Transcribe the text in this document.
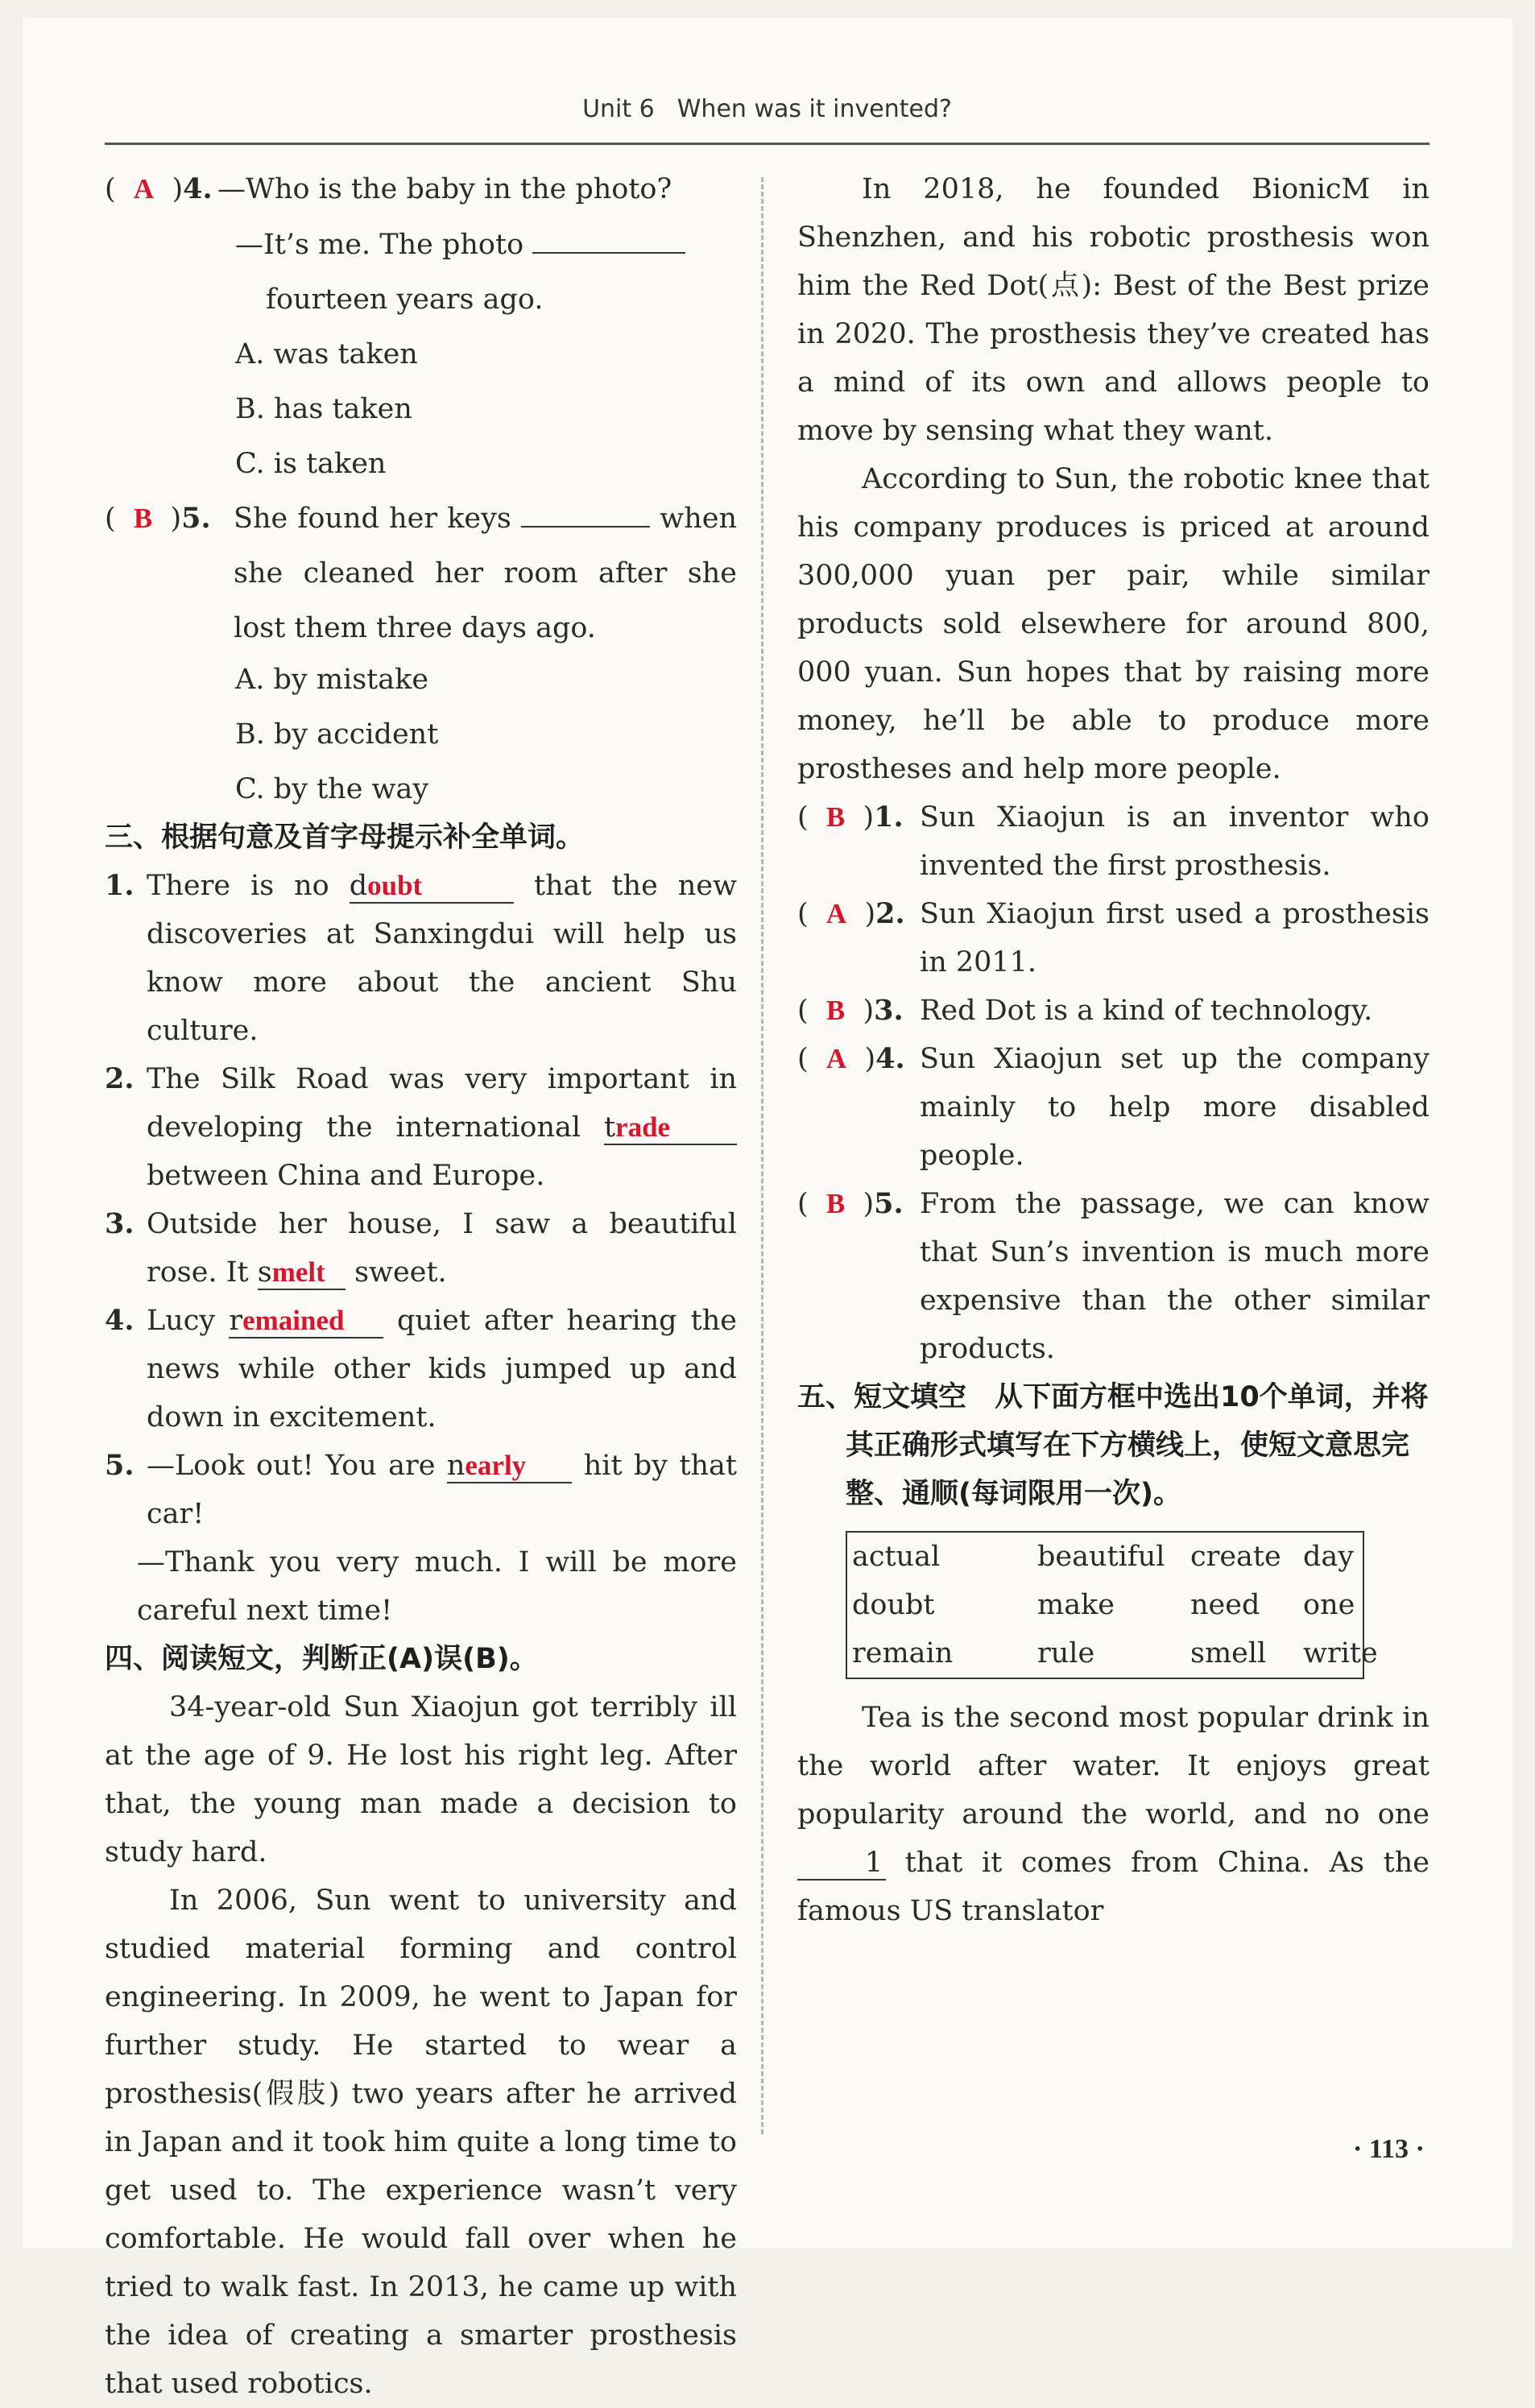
Unit 6 When was it invented?
(  A  )4. —Who is the baby in the photo?

—It’s me. The photo

fourteen years ago.

A. was taken

B. has taken

C. is taken

(  B  )5. She found her keys	when she cleaned her room after she lost them three days ago.

A. by mistake

B. by accident

C. by the way

三、根据句意及首字母提示补全单词。

1. There is no doubt	that the new discoveries at Sanxingdui will help us know more about the ancient Shu culture.
2. The Silk Road was very important in developing the international trade    between China and Europe.
3. Outside her house, I saw a beautiful rose. It smelt sweet.
4. Lucy remained quiet after hearing the news while other kids jumped up and down in excitement.
5. —Look out! You are nearly hit by that car!

—Thank you very much. I will be more careful next time!

四、阅读短文，判断正(A)误(B)。

34-year-old Sun Xiaojun got terribly ill at the age of 9. He lost his right leg. After that, the young man made a decision to study hard.

In 2006, Sun went to university and studied material forming and control engineering. In 2009, he went to Japan for further study. He started to wear a prosthesis(假肢) two years after he arrived in Japan and it took him quite a long time to get used to. The experience wasn’t very comfortable. He would fall over when he tried to walk fast. In 2013, he came up with the idea of creating a smarter prosthesis that used robotics.

In 2018, he founded BionicM in Shenzhen, and his robotic prosthesis won him the Red Dot(点): Best of the Best prize in 2020. The prosthesis they’ve created has a mind of its own and allows people to move by sensing what they want.

According to Sun, the robotic knee that his company produces is priced at around 300,000 yuan per pair, while similar products sold elsewhere for around 800, 000 yuan. Sun hopes that by raising more money, he’ll be able to produce more prostheses and help more people.

(  B  )1. Sun Xiaojun is an inventor who invented the first prosthesis.
(  A  )2. Sun Xiaojun first used a prosthesis in 2011.
(  B  )3. Red Dot is a kind of technology.
(  A  )4. Sun Xiaojun set up the company mainly to help more disabled people.
(  B  )5. From the passage, we can know that Sun’s invention is much more expensive than the other similar products.

五、短文填空　从下面方框中选出10个单词，并将其正确形式填写在下方横线上，使短文意思完整、通顺(每词限用一次)。

actual	beautiful create day
doubt	make	need	one
remain	rule	smell	write

Tea is the second most popular drink in the world after water. It enjoys great popularity around the world, and no one 1 that it comes from China. As the famous US translator

· 113 ·
